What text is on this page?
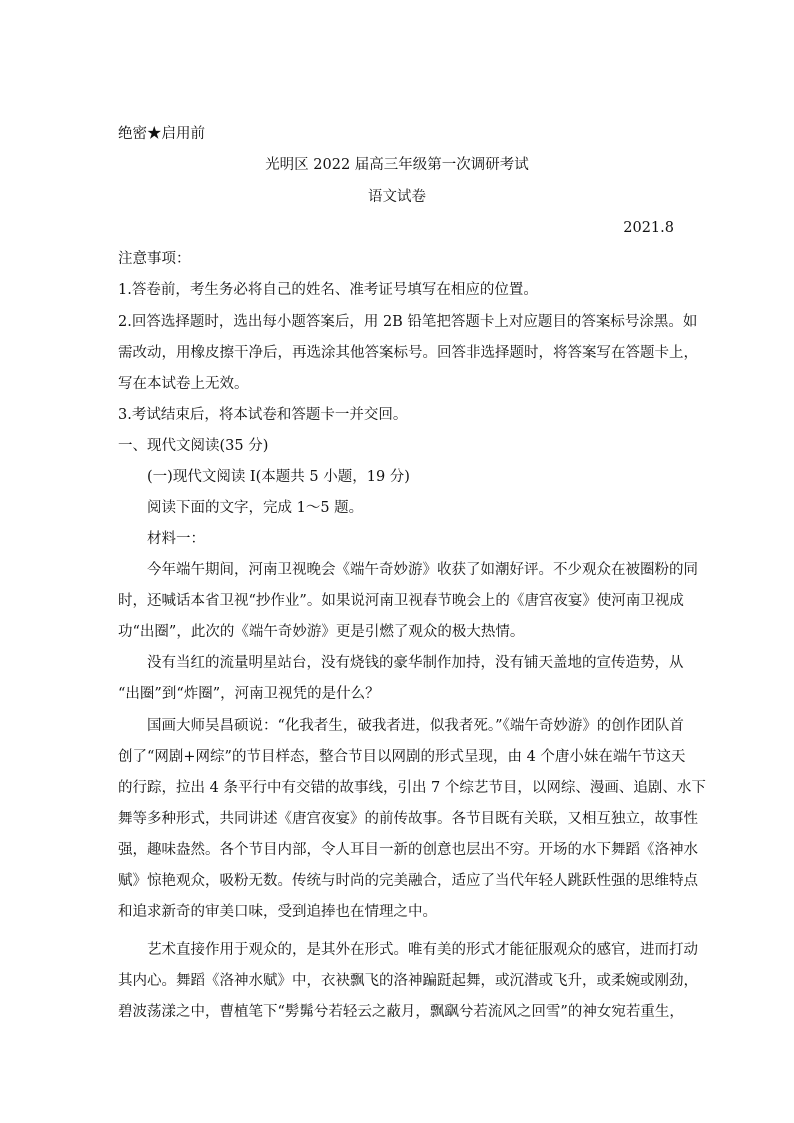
绝密★启用前
光明区 2022 届高三年级第一次调研考试
语文试卷
2021.8
注意事项：
1.答卷前，考生务必将自己的姓名、准考证号填写在相应的位置。
2.回答选择题时，选出每小题答案后，用 2B 铅笔把答题卡上对应题目的答案标号涂黑。如
需改动，用橡皮擦干净后，再选涂其他答案标号。回答非选择题时，将答案写在答题卡上，
写在本试卷上无效。
3.考试结束后，将本试卷和答题卡一并交回。
一、现代文阅读(35 分)
(一)现代文阅读 I(本题共 5 小题，19 分)
阅读下面的文字，完成 1～5 题。
材料一：
今年端午期间，河南卫视晚会《端午奇妙游》收获了如潮好评。不少观众在被圈粉的同
时，还喊话本省卫视“抄作业”。如果说河南卫视春节晚会上的《唐宫夜宴》使河南卫视成
功“出圈”，此次的《端午奇妙游》更是引燃了观众的极大热情。
没有当红的流量明星站台，没有烧钱的豪华制作加持，没有铺天盖地的宣传造势，从
“出圈”到“炸圈”，河南卫视凭的是什么？
国画大师吴昌硕说：“化我者生，破我者进，似我者死。”《端午奇妙游》的创作团队首
创了“网剧+网综”的节目样态，整合节目以网剧的形式呈现，由 4 个唐小妹在端午节这天
的行踪，拉出 4 条平行中有交错的故事线，引出 7 个综艺节目，以网综、漫画、追剧、水下
舞等多种形式，共同讲述《唐宫夜宴》的前传故事。各节目既有关联，又相互独立，故事性
强，趣味盎然。各个节目内部，令人耳目一新的创意也层出不穷。开场的水下舞蹈《洛神水
赋》惊艳观众，吸粉无数。传统与时尚的完美融合，适应了当代年轻人跳跃性强的思维特点
和追求新奇的审美口味，受到追捧也在情理之中。
艺术直接作用于观众的，是其外在形式。唯有美的形式才能征服观众的感官，进而打动
其内心。舞蹈《洛神水赋》中，衣袂飘飞的洛神蹁跹起舞，或沉潜或飞升，或柔婉或刚劲，
碧波荡漾之中，曹植笔下“髣髴兮若轻云之蔽月，飘飖兮若流风之回雪”的神女宛若重生，
